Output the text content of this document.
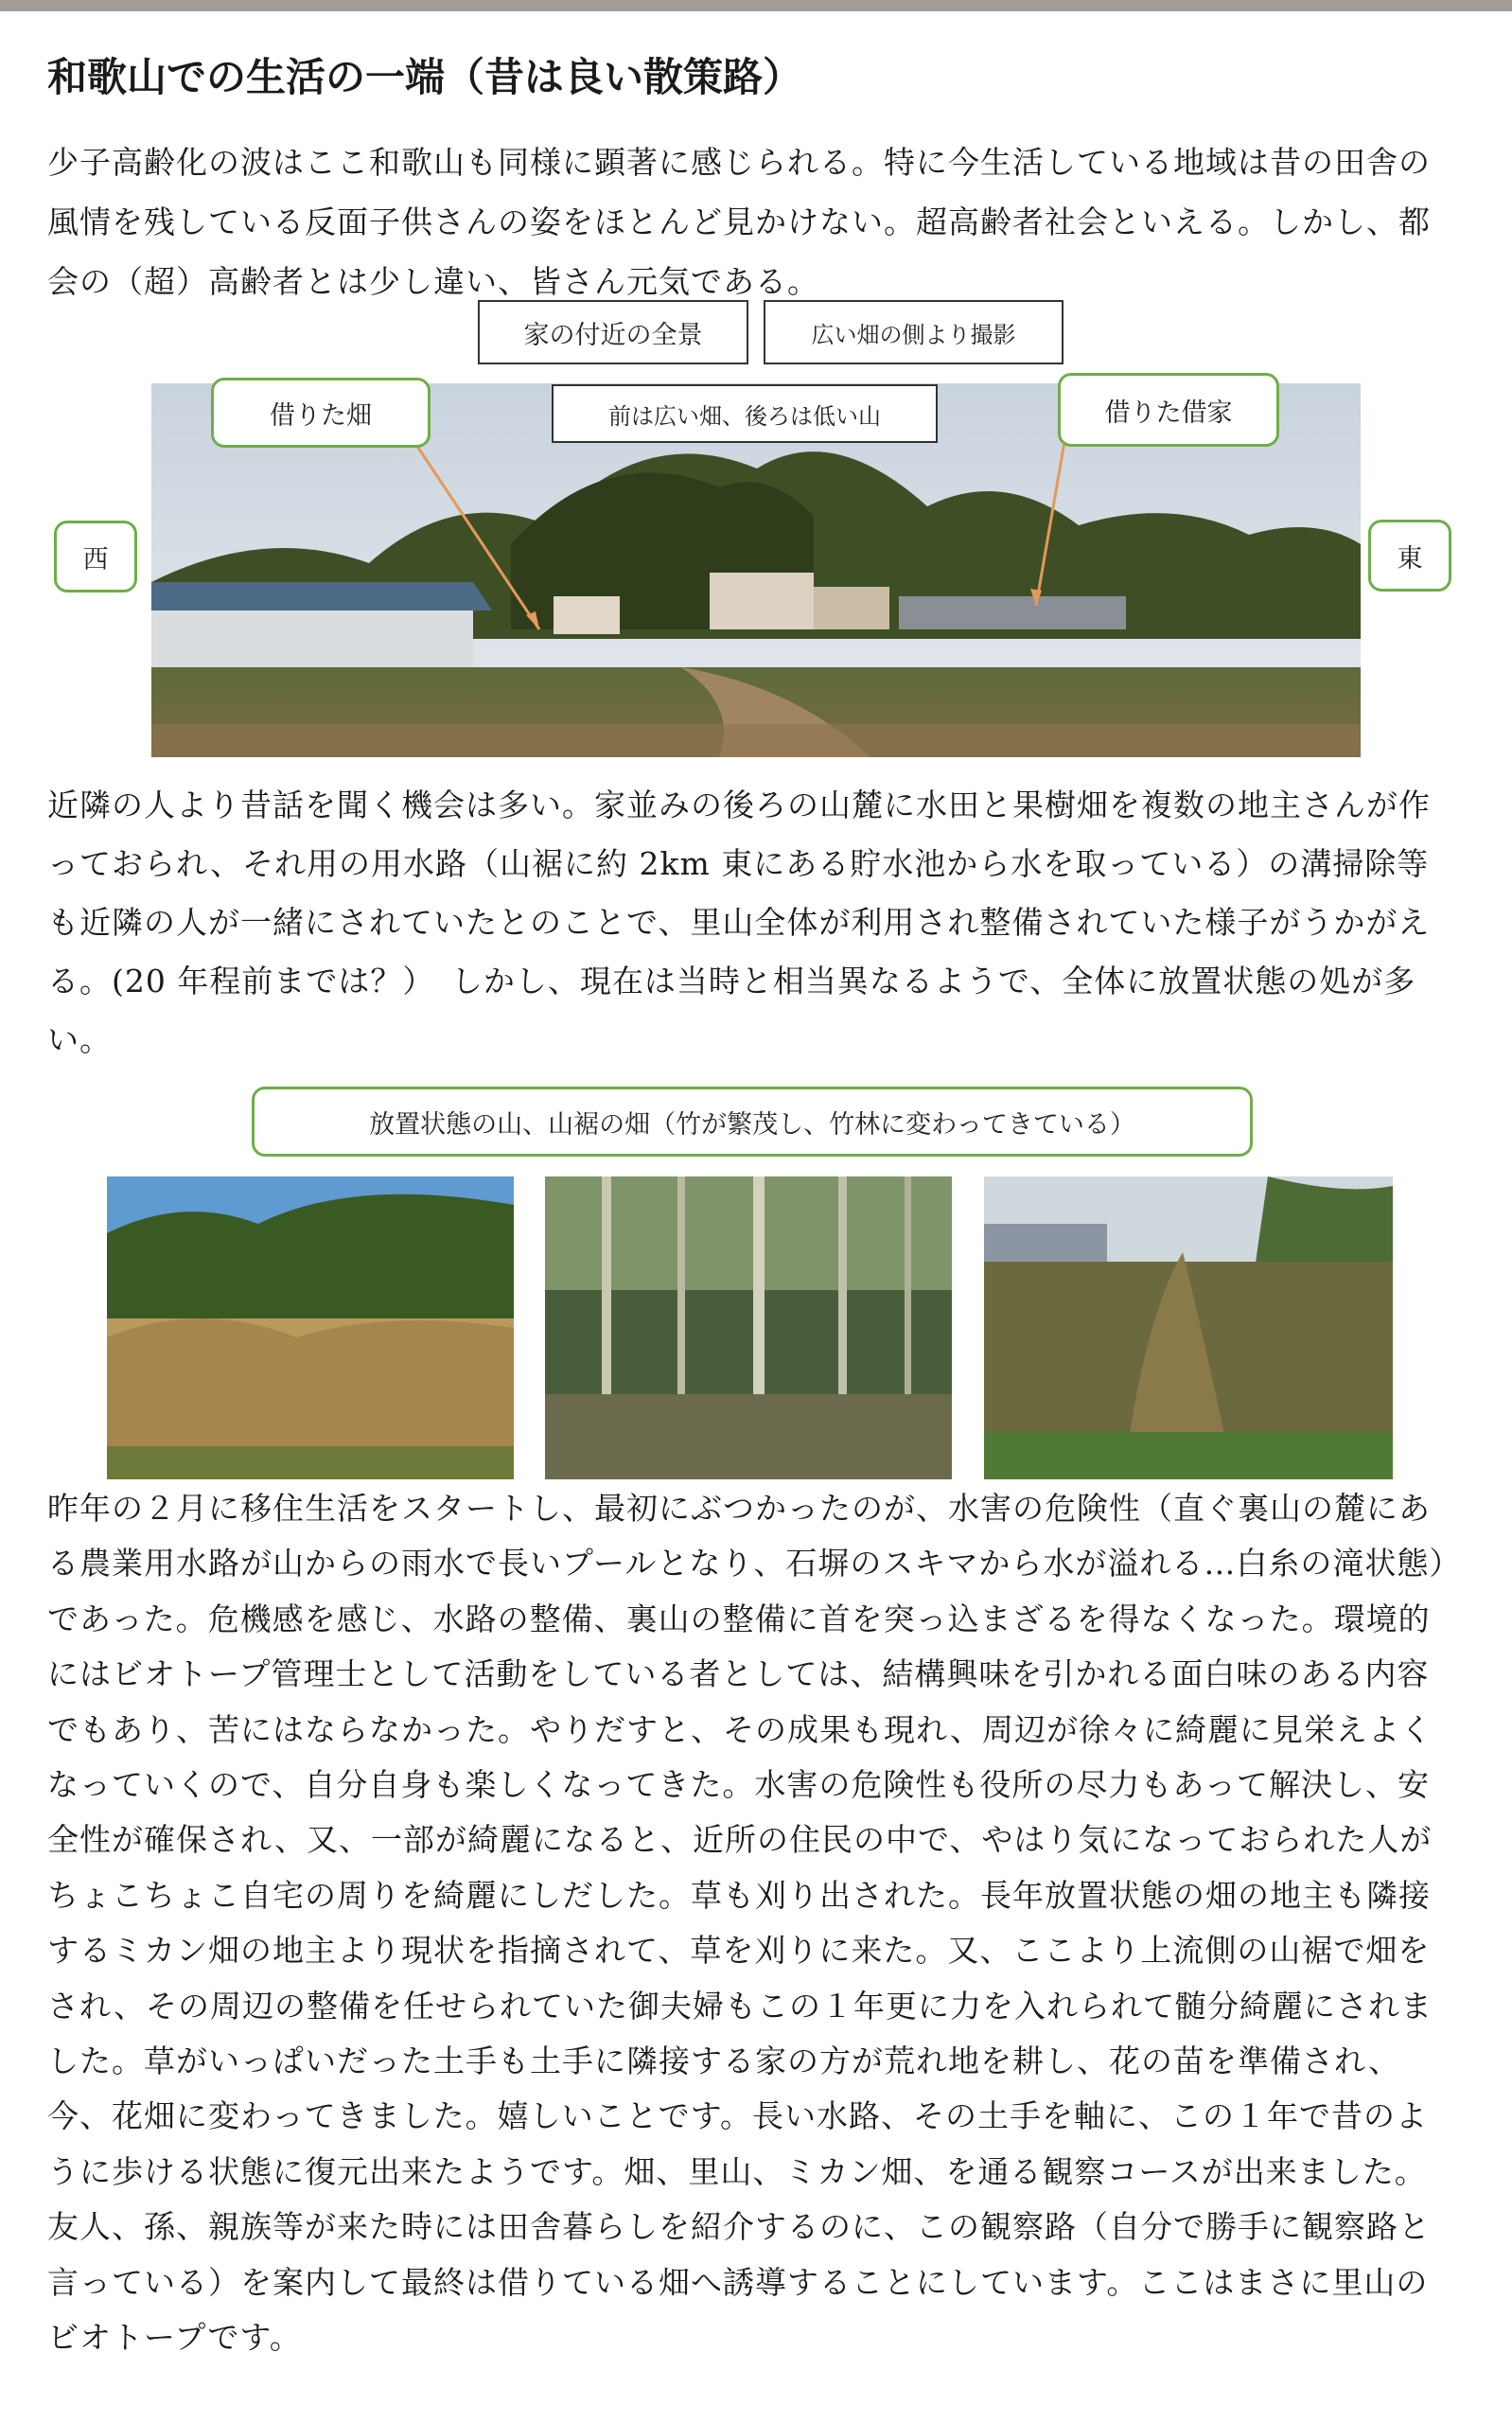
和歌山での生活の一端（昔は良い散策路）

少子高齢化の波はここ和歌山も同様に顕著に感じられる。特に今生活している地域は昔の田舎の風情を残している反面子供さんの姿をほとんど見かけない。超高齢者社会といえる。しかし、都会の（超）高齢者とは少し違い、皆さん元気である。

家の付近の全景	広い畑の側より撮影
借りた畑	前は広い畑、後ろは低い山	借りた借家
西	東

近隣の人より昔話を聞く機会は多い。家並みの後ろの山麓に水田と果樹畑を複数の地主さんが作っておられ、それ用の用水路（山裾に約 2km 東にある貯水池から水を取っている）の溝掃除等も近隣の人が一緒にされていたとのことで、里山全体が利用され整備されていた様子がうかがえる。(20 年程前までは？）　しかし、現在は当時と相当異なるようで、全体に放置状態の処が多い。

放置状態の山、山裾の畑（竹が繁茂し、竹林に変わってきている）

昨年の２月に移住生活をスタートし、最初にぶつかったのが、水害の危険性（直ぐ裏山の麓にある農業用水路が山からの雨水で長いプールとなり、石塀のスキマから水が溢れる…白糸の滝状態）であった。危機感を感じ、水路の整備、裏山の整備に首を突っ込まざるを得なくなった。環境的にはビオトープ管理士として活動をしている者としては、結構興味を引かれる面白味のある内容でもあり、苦にはならなかった。やりだすと、その成果も現れ、周辺が徐々に綺麗に見栄えよくなっていくので、自分自身も楽しくなってきた。水害の危険性も役所の尽力もあって解決し、安全性が確保され、又、一部が綺麗になると、近所の住民の中で、やはり気になっておられた人がちょこちょこ自宅の周りを綺麗にしだした。草も刈り出された。長年放置状態の畑の地主も隣接するミカン畑の地主より現状を指摘されて、草を刈りに来た。又、ここより上流側の山裾で畑をされ、その周辺の整備を任せられていた御夫婦もこの１年更に力を入れられて髄分綺麗にされました。草がいっぱいだった土手も土手に隣接する家の方が荒れ地を耕し、花の苗を準備され、今、花畑に変わってきました。嬉しいことです。長い水路、その土手を軸に、この１年で昔のように歩ける状態に復元出来たようです。畑、里山、ミカン畑、を通る観察コースが出来ました。友人、孫、親族等が来た時には田舎暮らしを紹介するのに、この観察路（自分で勝手に観察路と言っている）を案内して最終は借りている畑へ誘導することにしています。ここはまさに里山のビオトープです。
